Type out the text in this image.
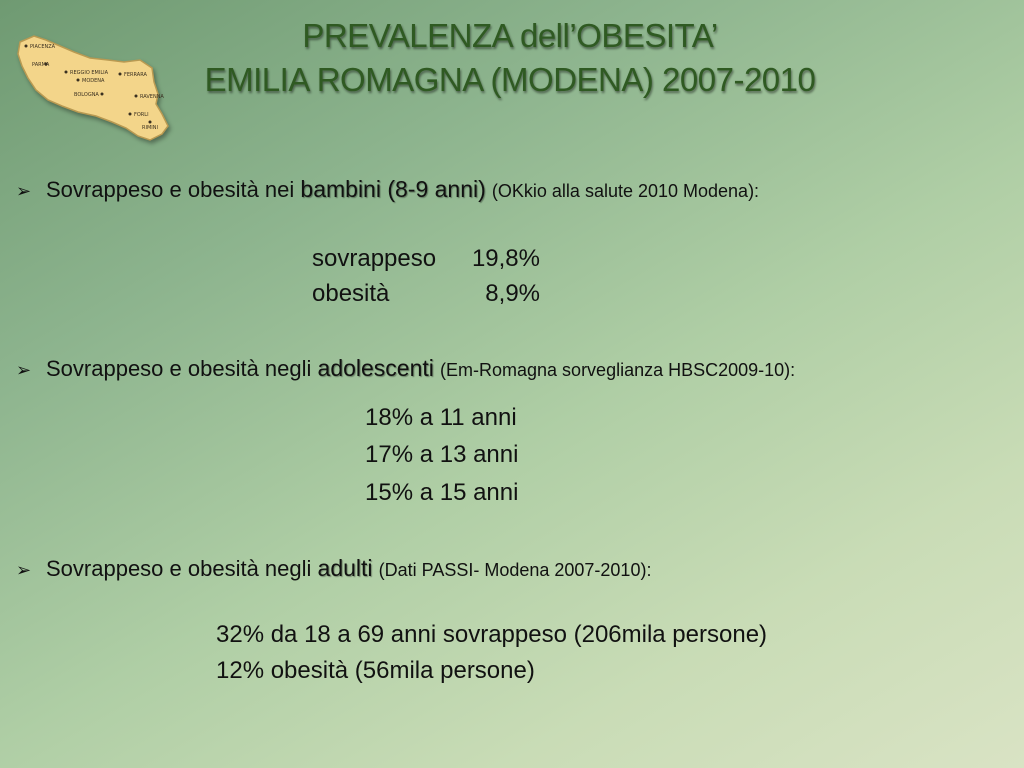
PIACENZA
PARMA
REGGIO EMILIA
MODENA
FERRARA
BOLOGNA	RAVENNA
FORLI
RIMINI
PREVALENZA dell’OBESITA’
EMILIA ROMAGNA (MODENA) 2007-2010
➢ Sovrappeso e obesità nei bambini (8-9 anni) (OKkio alla salute 2010 Modena):
sovrappeso	19,8%
obesità	8,9%
➢ Sovrappeso e obesità negli adolescenti (Em-Romagna sorveglianza HBSC2009-10):
18% a 11 anni
17% a 13 anni
15% a 15 anni
➢ Sovrappeso e obesità negli adulti (Dati PASSI- Modena 2007-2010):
32% da 18 a 69 anni sovrappeso (206mila persone)
12% obesità (56mila persone)
